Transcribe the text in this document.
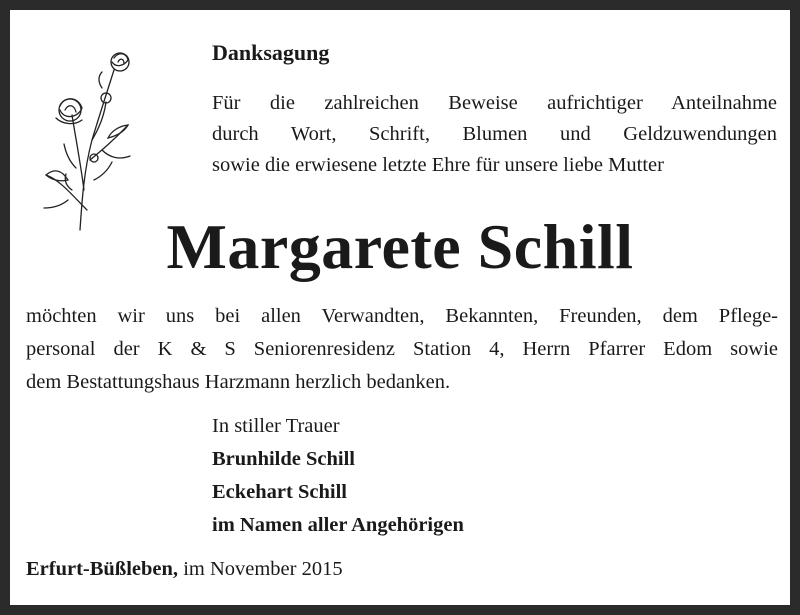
Danksagung
Für die zahlreichen Beweise aufrichtiger Anteilnahme
durch Wort, Schrift, Blumen und Geldzuwendungen
sowie die erwiesene letzte Ehre für unsere liebe Mutter
Margarete Schill
möchten wir uns bei allen Verwandten, Bekannten, Freunden, dem Pflege-
personal der K & S Seniorenresidenz Station 4, Herrn Pfarrer Edom sowie
dem Bestattungshaus Harzmann herzlich bedanken.
In stiller Trauer
Brunhilde Schill
Eckehart Schill
im Namen aller Angehörigen
Erfurt-Büßleben, im November 2015
